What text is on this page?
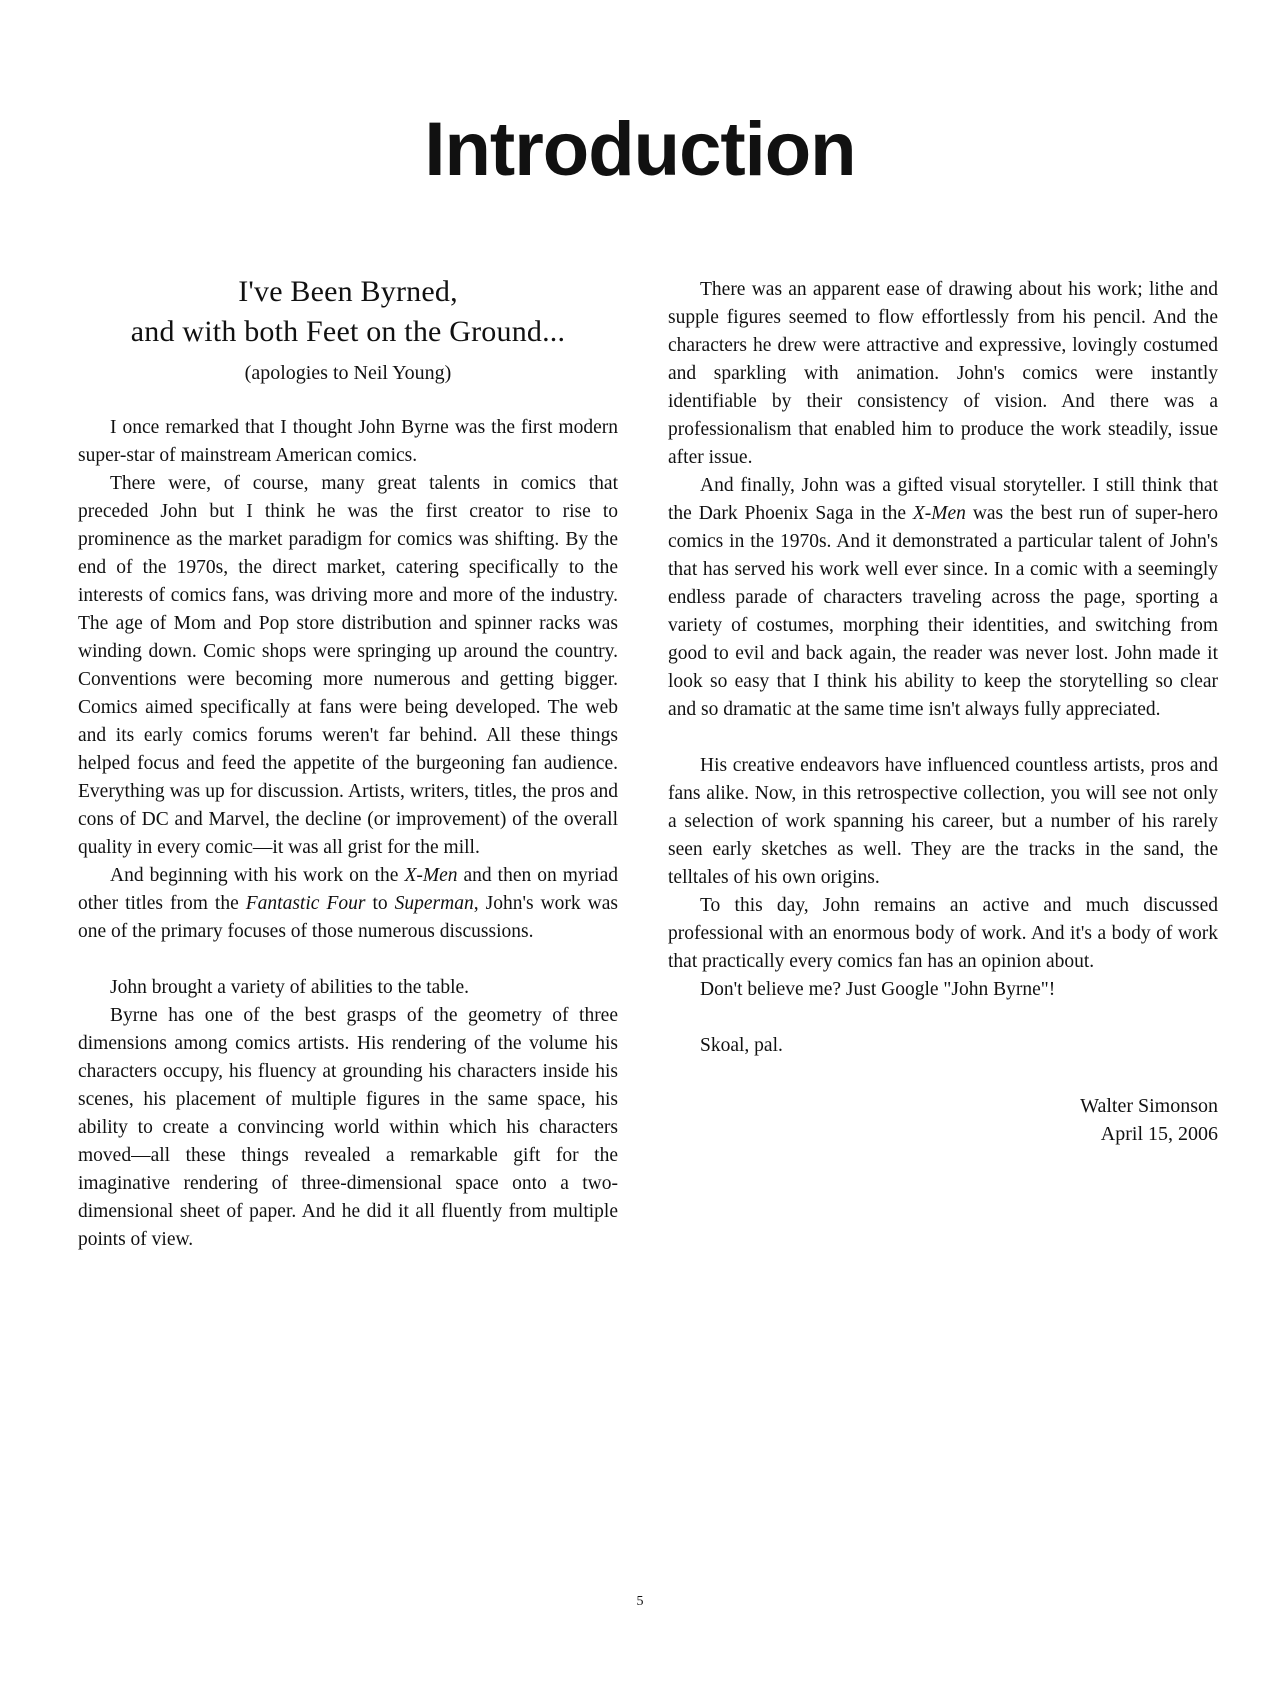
Introduction
I've Been Byrned,
and with both Feet on the Ground...
(apologies to Neil Young)

I once remarked that I thought John Byrne was the first modern super-star of mainstream American comics.

There were, of course, many great talents in comics that preceded John but I think he was the first creator to rise to prominence as the market paradigm for comics was shifting. By the end of the 1970s, the direct market, catering specifically to the interests of comics fans, was driving more and more of the industry. The age of Mom and Pop store distribution and spinner racks was winding down. Comic shops were springing up around the country. Conventions were becoming more numerous and getting bigger. Comics aimed specifically at fans were being developed. The web and its early comics forums weren't far behind. All these things helped focus and feed the appetite of the burgeoning fan audience. Everything was up for discussion. Artists, writers, titles, the pros and cons of DC and Marvel, the decline (or improvement) of the overall quality in every comic—it was all grist for the mill.

And beginning with his work on the X-Men and then on myriad other titles from the Fantastic Four to Superman, John's work was one of the primary focuses of those numerous discussions.

John brought a variety of abilities to the table.

Byrne has one of the best grasps of the geometry of three dimensions among comics artists. His rendering of the volume his characters occupy, his fluency at grounding his characters inside his scenes, his placement of multiple figures in the same space, his ability to create a convincing world within which his characters moved—all these things revealed a remarkable gift for the imaginative rendering of three-dimensional space onto a two-dimensional sheet of paper. And he did it all fluently from multiple points of view.

There was an apparent ease of drawing about his work; lithe and supple figures seemed to flow effortlessly from his pencil. And the characters he drew were attractive and expressive, lovingly costumed and sparkling with animation. John's comics were instantly identifiable by their consistency of vision. And there was a professionalism that enabled him to produce the work steadily, issue after issue.

And finally, John was a gifted visual storyteller. I still think that the Dark Phoenix Saga in the X-Men was the best run of super-hero comics in the 1970s. And it demonstrated a particular talent of John's that has served his work well ever since. In a comic with a seemingly endless parade of characters traveling across the page, sporting a variety of costumes, morphing their identities, and switching from good to evil and back again, the reader was never lost. John made it look so easy that I think his ability to keep the storytelling so clear and so dramatic at the same time isn't always fully appreciated.

His creative endeavors have influenced countless artists, pros and fans alike. Now, in this retrospective collection, you will see not only a selection of work spanning his career, but a number of his rarely seen early sketches as well. They are the tracks in the sand, the telltales of his own origins.

To this day, John remains an active and much discussed professional with an enormous body of work. And it's a body of work that practically every comics fan has an opinion about.

Don't believe me? Just Google "John Byrne"!

Skoal, pal.
Walter Simonson
April 15, 2006
5
